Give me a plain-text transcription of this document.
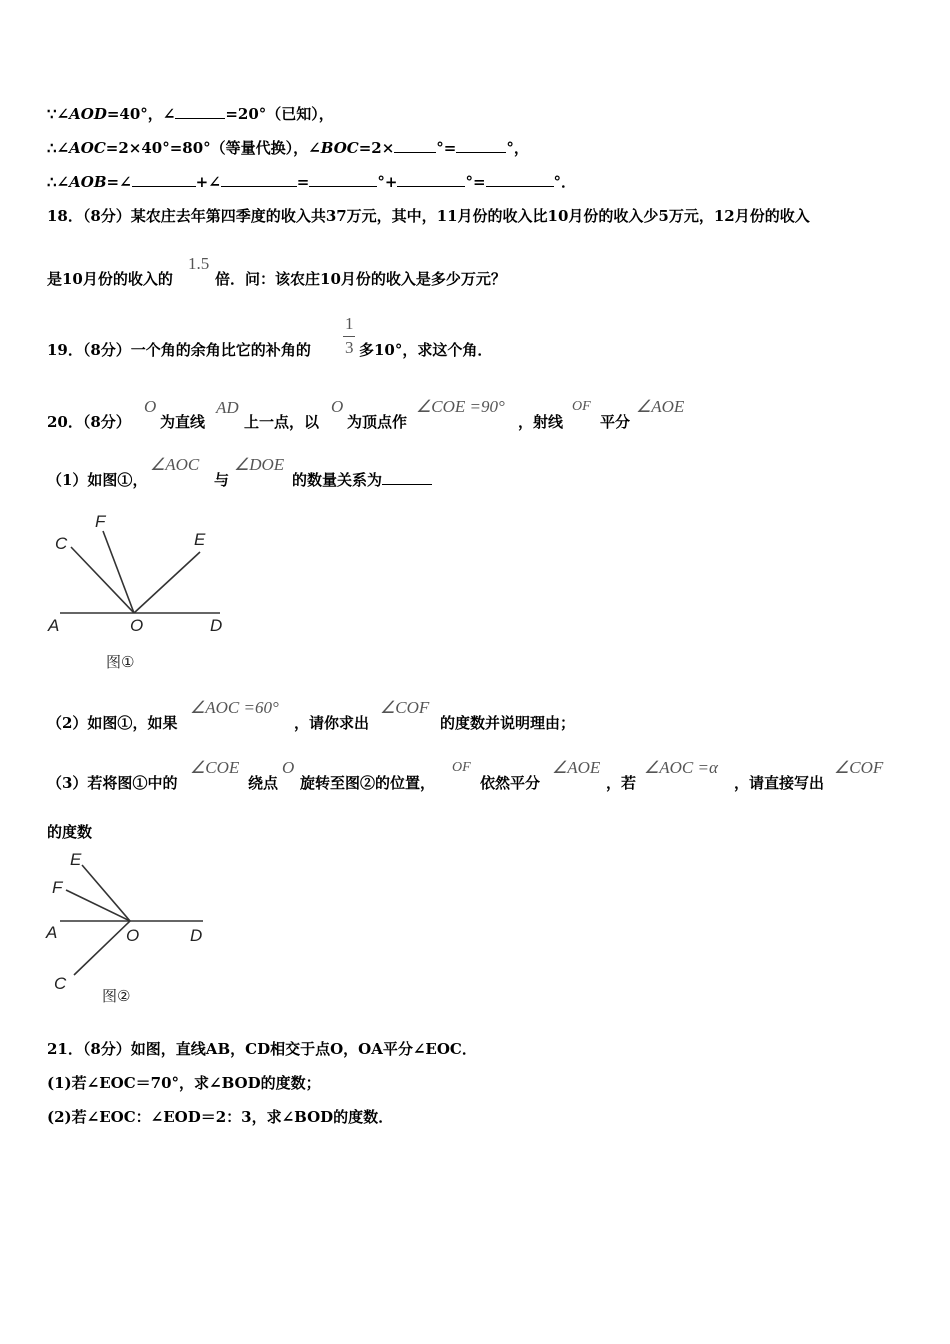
∵∠AOD=40°，∠	=20°（已知），
∴∠AOC=2×40°=80°（等量代换），∠BOC=2×	°=	°，
∴∠AOB=∠	+∠	=	°+	°=	°．
18．（8分）某农庄去年第四季度的收入共37万元，其中，11月份的收入比10月份的收入少5万元，12月份的收入
是10月份的收入的
1.5
倍．问：该农庄10月份的收入是多少万元？
19．（8分）一个角的余角比它的补角的
1
3 多10°，求这个角．
20．（8分）
O
为直线
AD
上一点，以
O
为顶点作
∠COE =90°
，射线
OF
平分
∠AOE
（1）如图①，
∠AOC
与
∠DOE
的数量关系为
C
F
E
A	O	D
图①
（2）如图①，如果
∠AOC =60°
，请你求出
∠COF
的度数并说明理由；
（3）若将图①中的
∠COE
绕点
O
旋转至图②的位置，
OF
依然平分
∠AOE
，若
∠AOC =α
，请直接写出
∠COF
的度数
E
F
A	O	D
C
图②
21．（8分）如图，直线AB，CD相交于点O，OA平分∠EOC．
(1)若∠EOC＝70°，求∠BOD的度数；
(2)若∠EOC：∠EOD＝2：3，求∠BOD的度数．
